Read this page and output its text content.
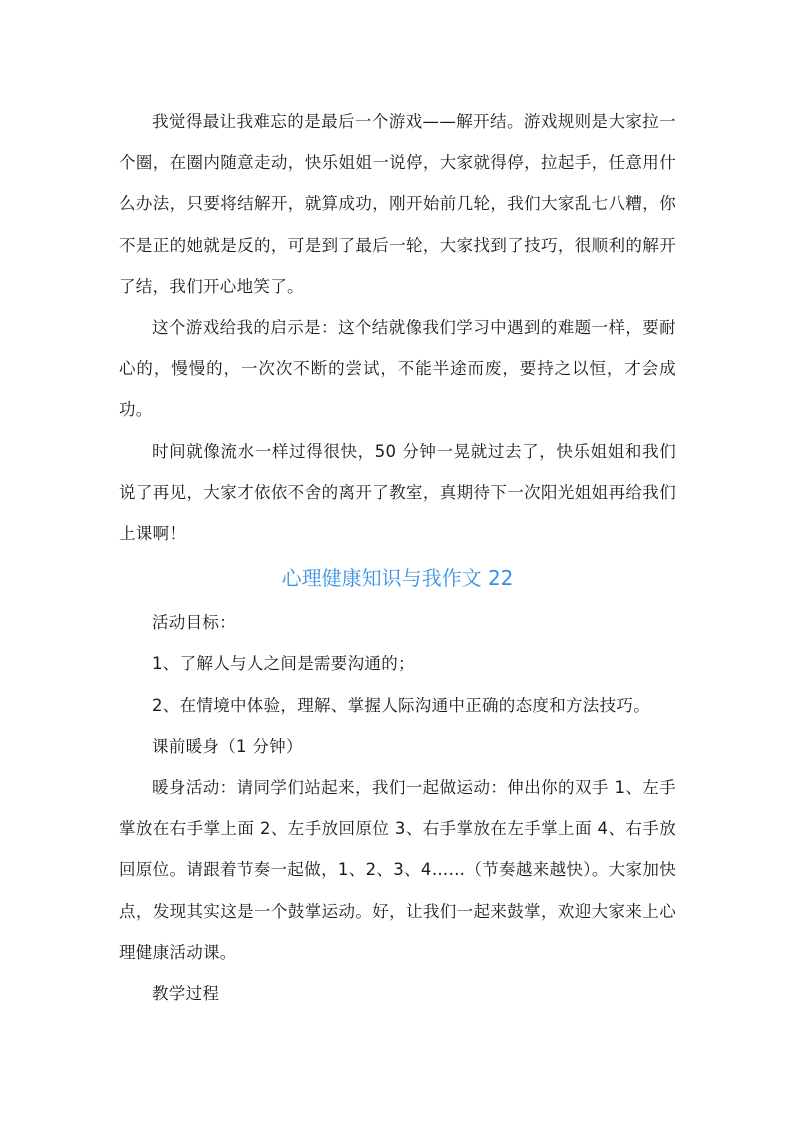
我觉得最让我难忘的是最后一个游戏——解开结。游戏规则是大家拉一个圈，在圈内随意走动，快乐姐姐一说停，大家就得停，拉起手，任意用什么办法，只要将结解开，就算成功，刚开始前几轮，我们大家乱七八糟，你不是正的她就是反的，可是到了最后一轮，大家找到了技巧，很顺利的解开了结，我们开心地笑了。

这个游戏给我的启示是：这个结就像我们学习中遇到的难题一样，要耐心的，慢慢的，一次次不断的尝试，不能半途而废，要持之以恒，才会成功。

时间就像流水一样过得很快，50 分钟一晃就过去了，快乐姐姐和我们说了再见，大家才依依不舍的离开了教室，真期待下一次阳光姐姐再给我们上课啊！

心理健康知识与我作文 22

活动目标：

1、了解人与人之间是需要沟通的；

2、在情境中体验，理解、掌握人际沟通中正确的态度和方法技巧。

课前暖身（1 分钟）

暖身活动：请同学们站起来，我们一起做运动：伸出你的双手 1、左手掌放在右手掌上面 2、左手放回原位 3、右手掌放在左手掌上面 4、右手放回原位。请跟着节奏一起做，1、2、3、4……（节奏越来越快）。大家加快点，发现其实这是一个鼓掌运动。好，让我们一起来鼓掌，欢迎大家来上心理健康活动课。

教学过程
